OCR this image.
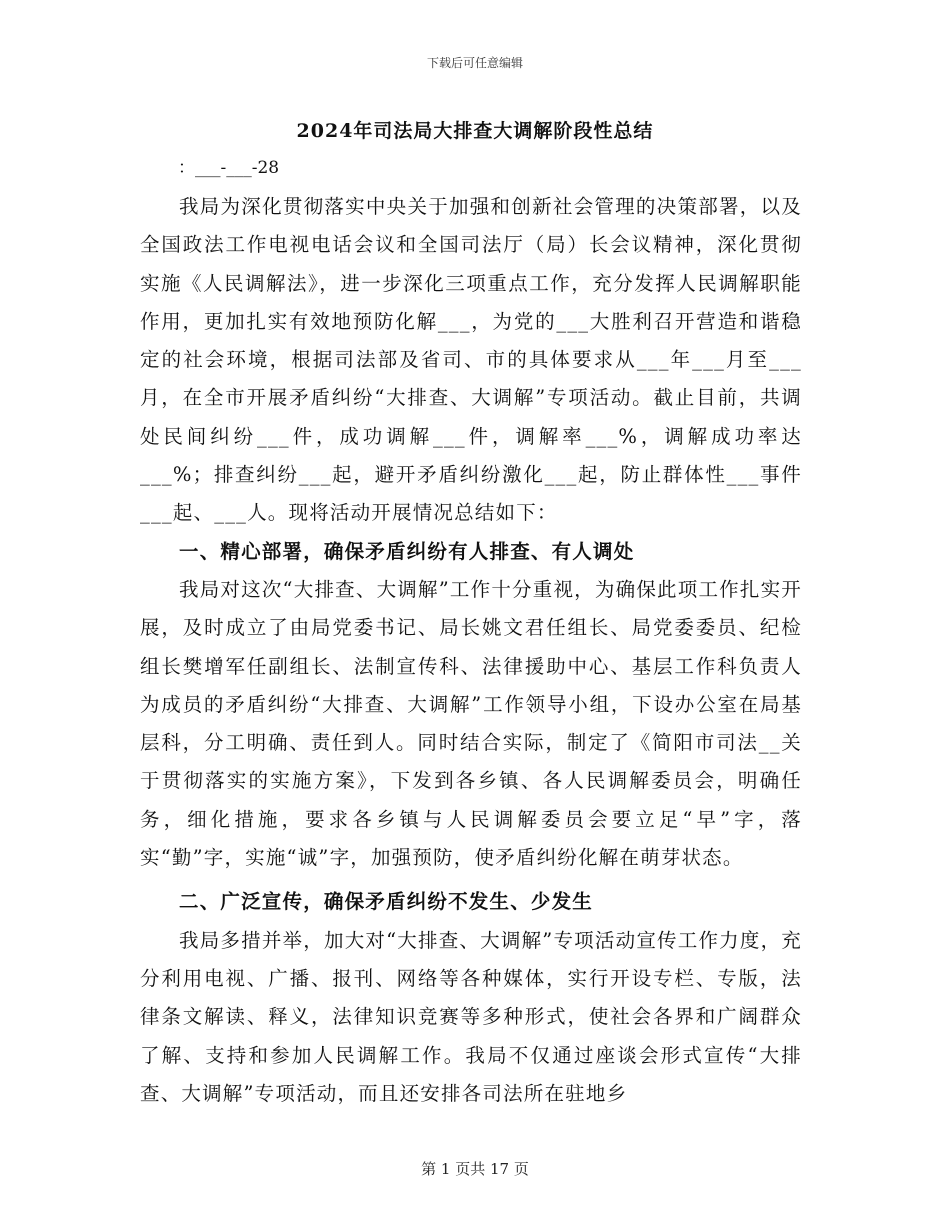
下载后可任意编辑
2024年司法局大排查大调解阶段性总结
：___-___-28

我局为深化贯彻落实中央关于加强和创新社会管理的决策部署，以及全国政法工作电视电话会议和全国司法厅（局）长会议精神，深化贯彻实施《人民调解法》，进一步深化三项重点工作，充分发挥人民调解职能作用，更加扎实有效地预防化解___，为党的___大胜利召开营造和谐稳定的社会环境，根据司法部及省司、市的具体要求从___年___月至___月，在全市开展矛盾纠纷“大排查、大调解”专项活动。截止目前，共调处民间纠纷___件，成功调解___件，调解率___%，调解成功率达___%；排查纠纷___起，避开矛盾纠纷激化___起，防止群体性___事件___起、___人。现将活动开展情况总结如下：

一、精心部署，确保矛盾纠纷有人排查、有人调处

我局对这次“大排查、大调解”工作十分重视，为确保此项工作扎实开展，及时成立了由局党委书记、局长姚文君任组长、局党委委员、纪检组长樊增军任副组长、法制宣传科、法律援助中心、基层工作科负责人为成员的矛盾纠纷“大排查、大调解”工作领导小组，下设办公室在局基层科，分工明确、责任到人。同时结合实际，制定了《简阳市司法__关于贯彻落实的实施方案》，下发到各乡镇、各人民调解委员会，明确任务，细化措施，要求各乡镇与人民调解委员会要立足“早”字，落实“勤”字，实施“诚”字，加强预防，使矛盾纠纷化解在萌芽状态。

二、广泛宣传，确保矛盾纠纷不发生、少发生

我局多措并举，加大对“大排查、大调解”专项活动宣传工作力度，充分利用电视、广播、报刊、网络等各种媒体，实行开设专栏、专版，法律条文解读、释义，法律知识竞赛等多种形式，使社会各界和广阔群众了解、支持和参加人民调解工作。我局不仅通过座谈会形式宣传“大排查、大调解”专项活动，而且还安排各司法所在驻地乡

第 1 页共 17 页
